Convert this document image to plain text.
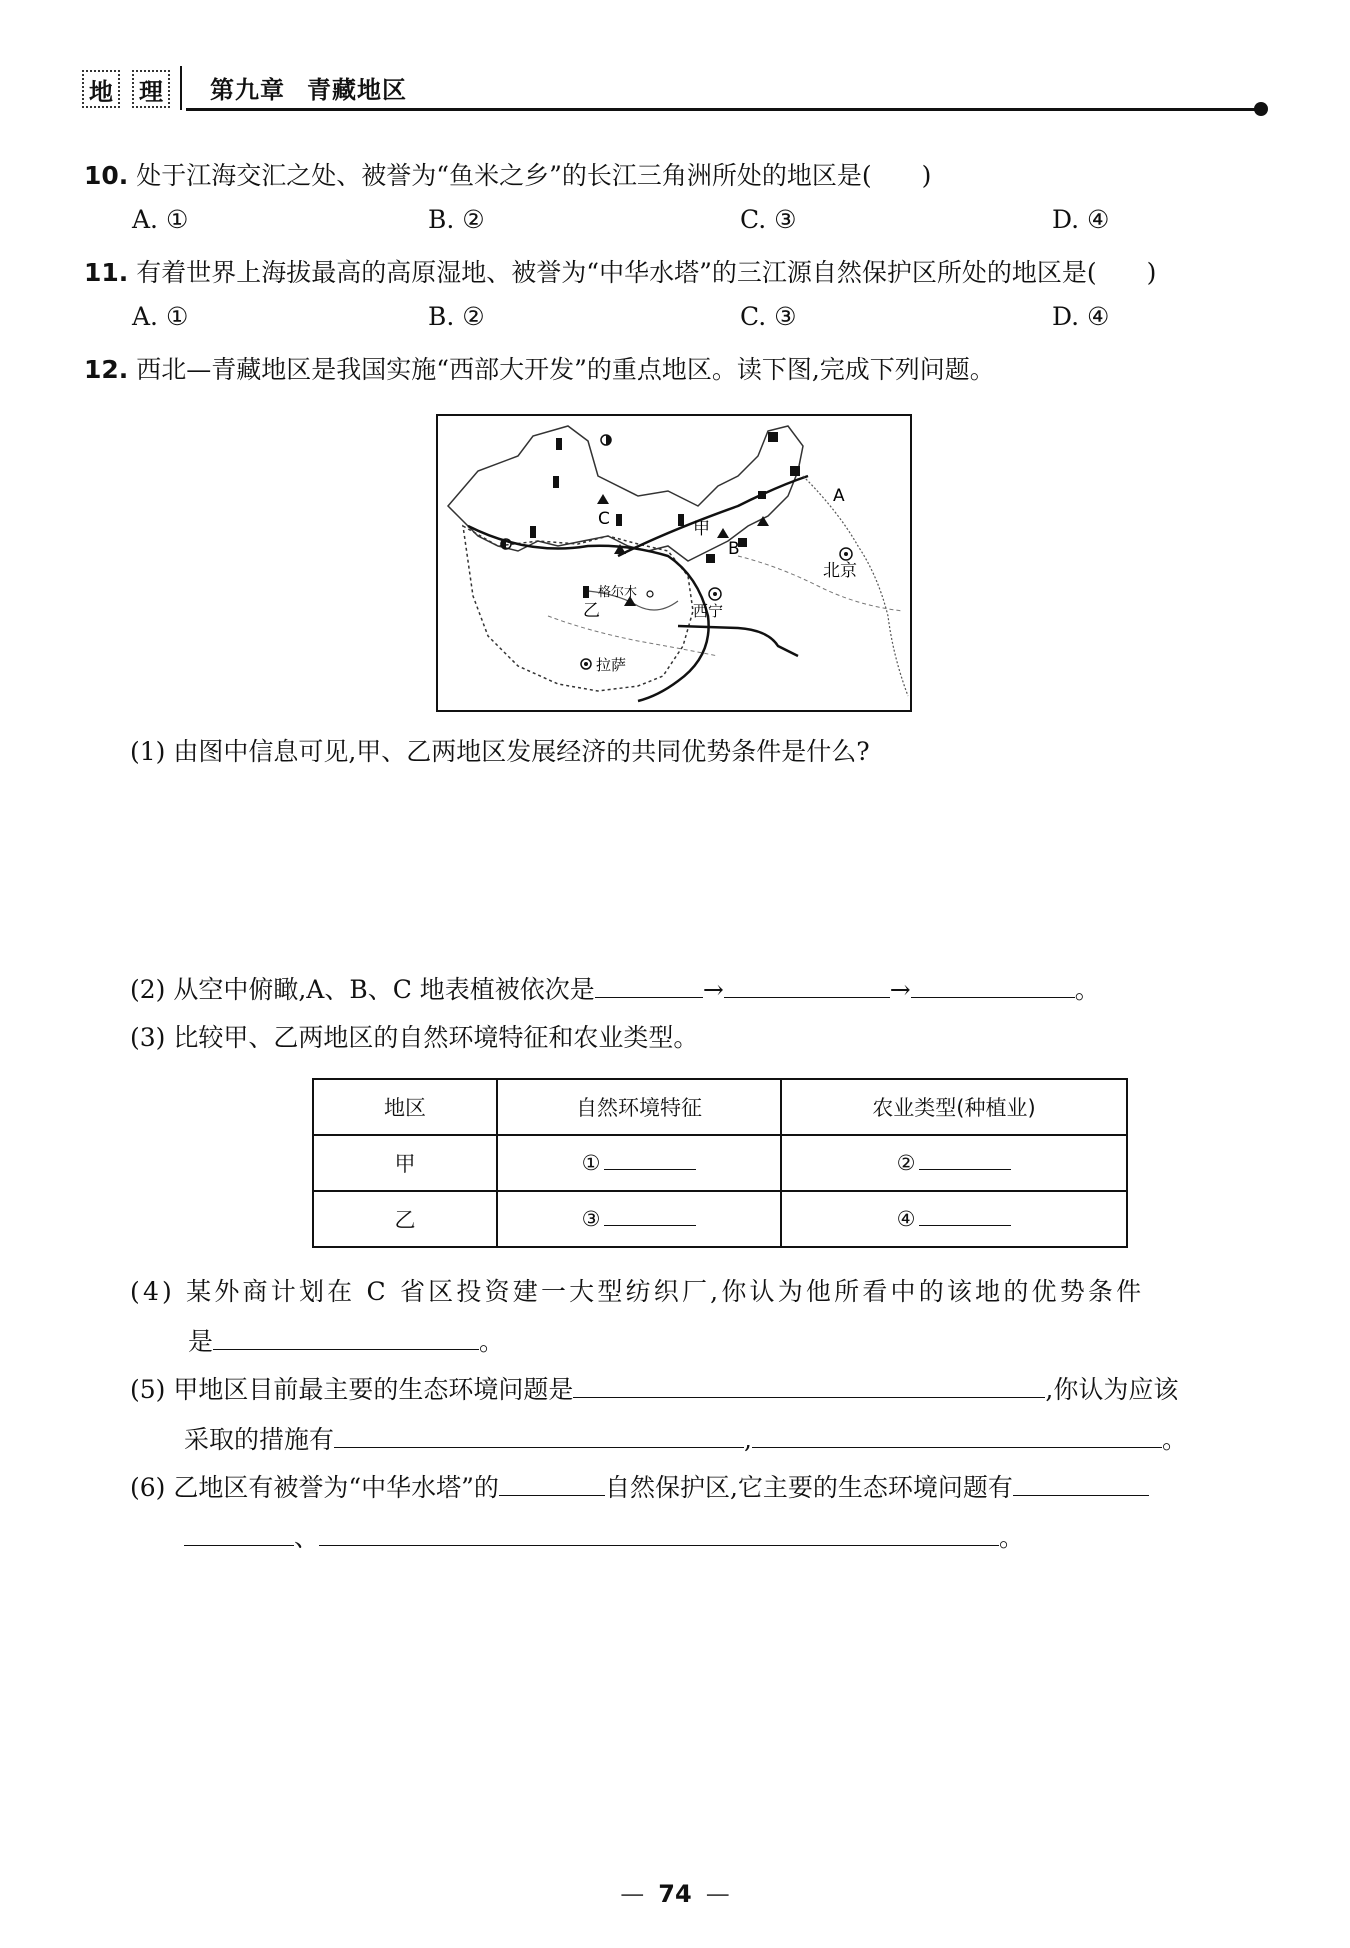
地 理 第九章 青藏地区
10. 处于江海交汇之处、被誉为“鱼米之乡”的长江三角洲所处的地区是(　　)
A. ①	B. ②	C. ③	D. ④
11. 有着世界上海拔最高的高原湿地、被誉为“中华水塔”的三江源自然保护区所处的地区是(　　)
A. ①	B. ②	C. ③	D. ④
12. 西北—青藏地区是我国实施“西部大开发”的重点地区。读下图,完成下列问题。
A
B
C	甲
乙
北京
西宁
拉萨
格尔木
(1) 由图中信息可见,甲、乙两地区发展经济的共同优势条件是什么?
(2) 从空中俯瞰,A、B、C 地表植被依次是	→	→	。
(3) 比较甲、乙两地区的自然环境特征和农业类型。
地区	自然环境特征	农业类型(种植业)
甲	①	②
乙	③	④
(4) 某外商计划在 C 省区投资建一大型纺织厂,你认为他所看中的该地的优势条件
是	。
(5) 甲地区目前最主要的生态环境问题是	,你认为应该
采取的措施有	,	。
(6) 乙地区有被誉为“中华水塔”的	自然保护区,它主要的生态环境问题有
、	。
— 74 —
